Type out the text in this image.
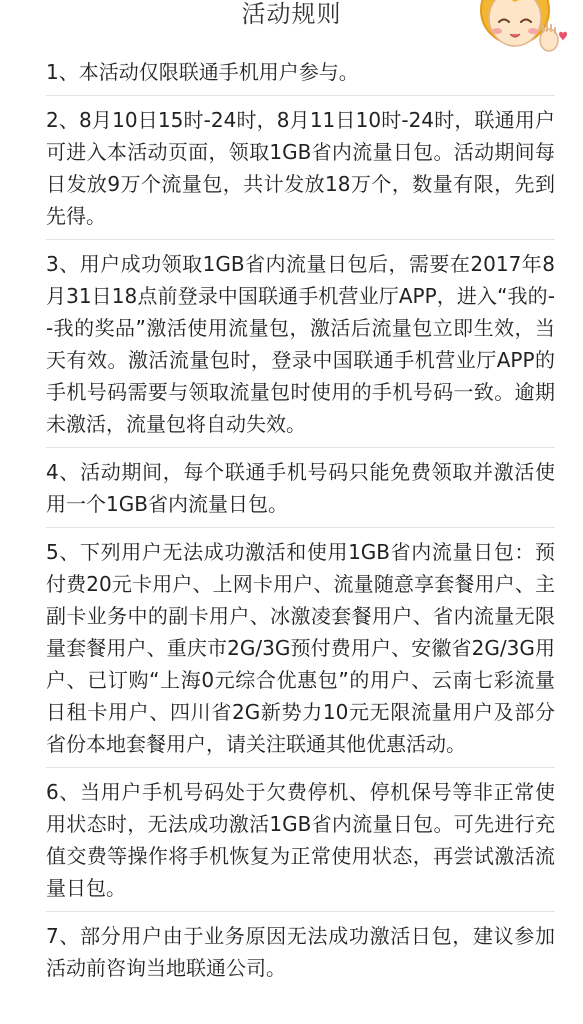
活动规则
1、本活动仅限联通手机用户参与。
2、8月10日15时-24时，8月11日10时-24时，联通用户可进入本活动页面，领取1GB省内流量日包。活动期间每日发放9万个流量包，共计发放18万个，数量有限，先到先得。
3、用户成功领取1GB省内流量日包后，需要在2017年8月31日18点前登录中国联通手机营业厅APP，进入“我的--我的奖品”激活使用流量包，激活后流量包立即生效，当天有效。激活流量包时，登录中国联通手机营业厅APP的手机号码需要与领取流量包时使用的手机号码一致。逾期未激活，流量包将自动失效。
4、活动期间，每个联通手机号码只能免费领取并激活使用一个1GB省内流量日包。
5、下列用户无法成功激活和使用1GB省内流量日包：预付费20元卡用户、上网卡用户、流量随意享套餐用户、主副卡业务中的副卡用户、冰激凌套餐用户、省内流量无限量套餐用户、重庆市2G/3G预付费用户、安徽省2G/3G用户、已订购“上海0元综合优惠包”的用户、云南七彩流量日租卡用户、四川省2G新势力10元无限流量用户及部分省份本地套餐用户，请关注联通其他优惠活动。
6、当用户手机号码处于欠费停机、停机保号等非正常使用状态时，无法成功激活1GB省内流量日包。可先进行充值交费等操作将手机恢复为正常使用状态，再尝试激活流量日包。
7、部分用户由于业务原因无法成功激活日包，建议参加活动前咨询当地联通公司。
